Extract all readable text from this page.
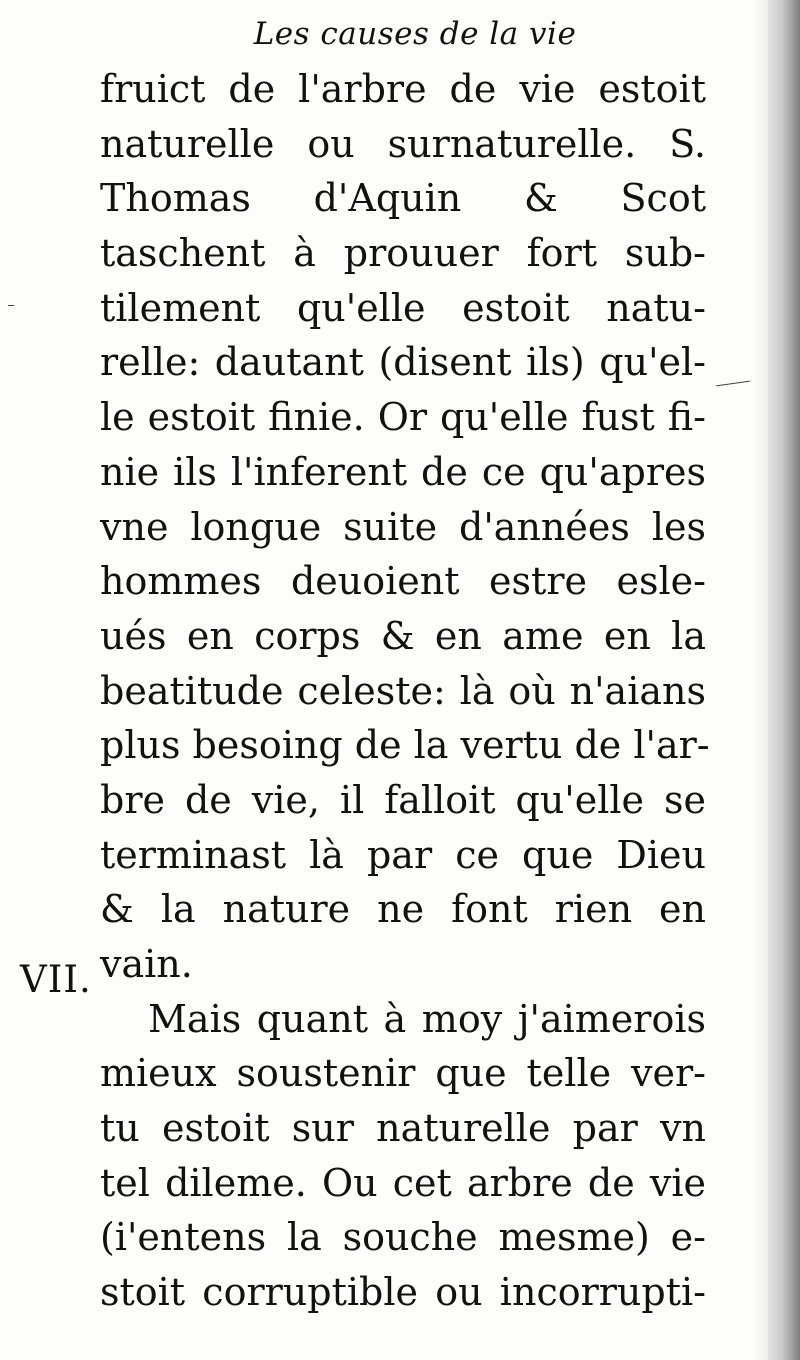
Les causes de la vie
fruict de l'arbre de vie estoit
naturelle ou surnaturelle. S.
Thomas d'Aquin & Scot
taschent à prouuer fort sub-
tilement qu'elle estoit natu-
relle: dautant (disent ils) qu'el-
le estoit finie. Or qu'elle fust fi-
nie ils l'inferent de ce qu'apres
vne longue suite d'années les
hommes deuoient estre esle-
ués en corps & en ame en la
beatitude celeste: là où n'aians
plus besoing de la vertu de l'ar-
bre de vie, il falloit qu'elle se
terminast là par ce que Dieu
& la nature ne font rien en
vain.
Mais quant à moy j'aimerois
mieux soustenir que telle ver-
tu estoit sur naturelle par vn
tel dileme. Ou cet arbre de vie
(i'entens la souche mesme) e-
stoit corruptible ou incorrupti-
VII.
